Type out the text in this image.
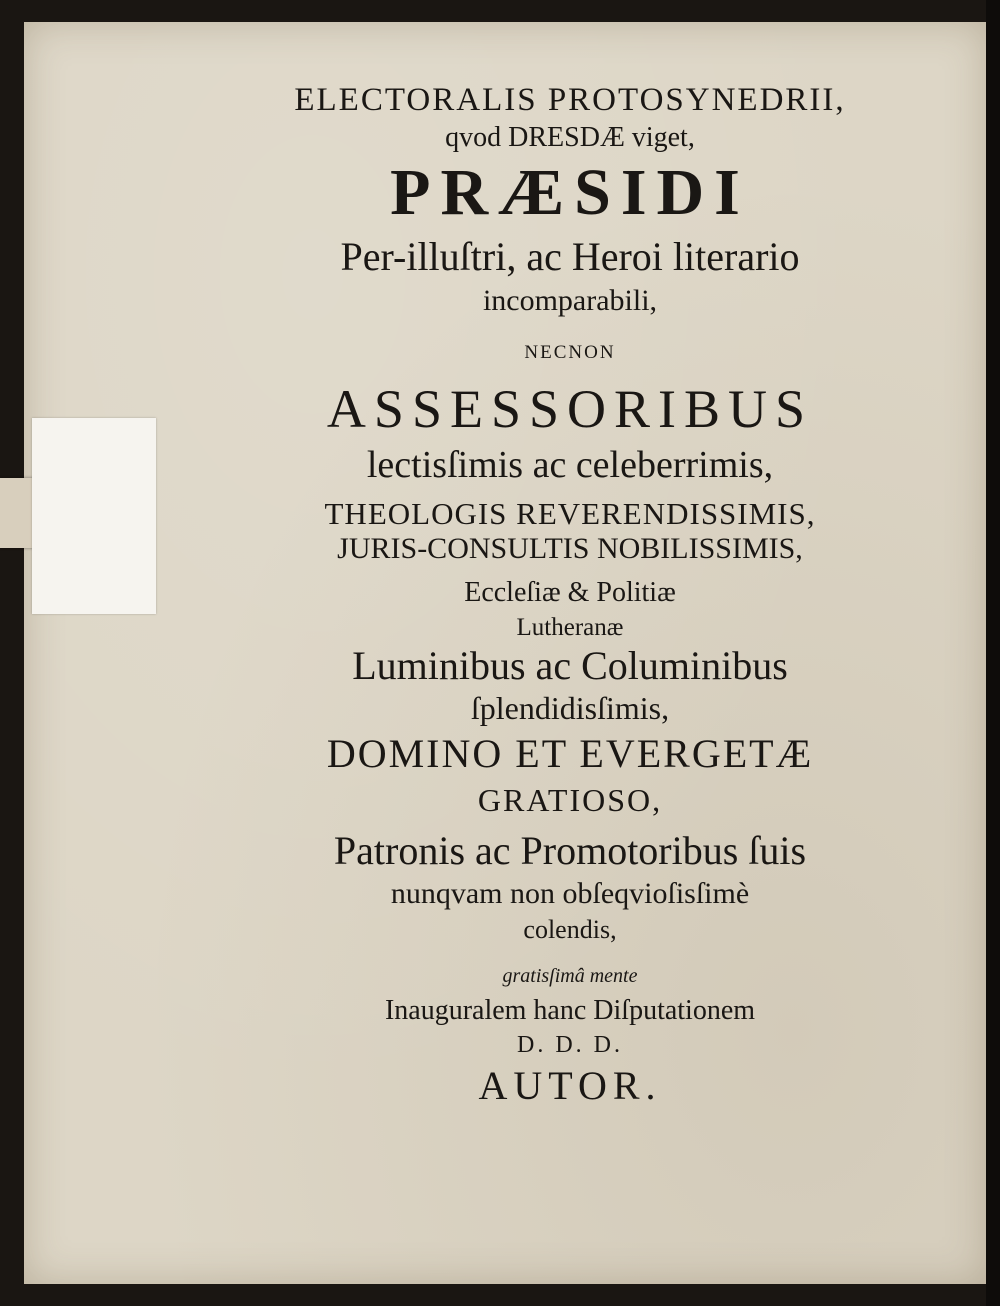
ELECTORALIS PROTOSYNEDRII,

qvod DRESDÆ viget,

PRÆSIDI

Per-illuſtri, ac Heroi literario

incomparabili,

NECNON

ASSESSORIBUS

lectisſimis ac celeberrimis,

THEOLOGIS REVERENDISSIMIS,

JURIS-CONSULTIS NOBILISSIMIS,

Eccleſiæ & Politiæ

Lutheranæ

Luminibus ac Columinibus

ſplendidisſimis,

DOMINO ET EVERGETÆ

GRATIOSO,

Patronis ac Promotoribus ſuis

nunqvam non obſeqvioſisſimè

colendis,

gratisſimâ mente

Inauguralem hanc Diſputationem

D. D. D.

AUTOR.
